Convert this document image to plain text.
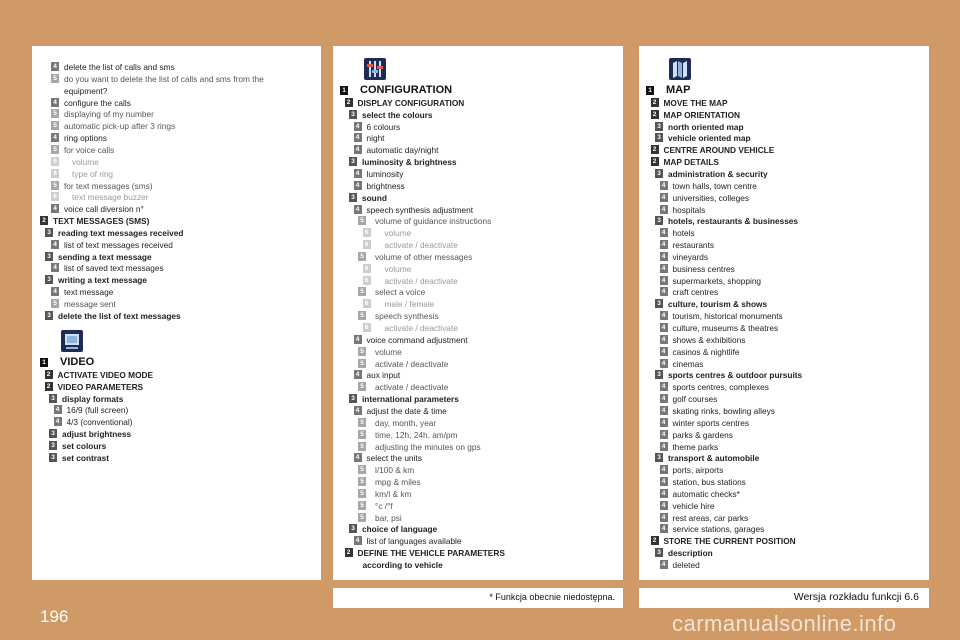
4 delete the list of calls and sms
5 do you want to delete the list of calls and sms from the
equipment?
4 configure the calls
5 displaying of my number
5 automatic pick-up after 3 rings
4 ring options
5 for voice calls
6 volume
6 type of ring
5 for text messages (sms)
6 text message buzzer
4 voice call diversion n°
2 TEXT MESSAGES (SMS)
3 reading text messages received
4 list of text messages received
3 sending a text message
4 list of saved text messages
3 writing a text message
4 text message
5 message sent
3 delete the list of text messages
1 VIDEO
2 ACTIVATE VIDEO MODE
2 VIDEO PARAMETERS
3 display formats
4 16/9 (full screen)
4 4/3 (conventional)
3 adjust brightness
3 set colours
3 set contrast
1 CONFIGURATION
2 DISPLAY CONFIGURATION
3 select the colours
4 6 colours
4 night
4 automatic day/night
3 luminosity & brightness
4 luminosity
4 brightness
3 sound
4 speech synthesis adjustment
5 volume of guidance instructions
6 volume
6 activate / deactivate
5 volume of other messages
6 volume
6 activate / deactivate
5 select a voice
6 male / female
5 speech synthesis
6 activate / deactivate
4 voice command adjustment
5 volume
5 activate / deactivate
4 aux input
5 activate / deactivate
3 international parameters
4 adjust the date & time
5 day, month, year
5 time, 12h, 24h, am/pm
5 adjusting the minutes on gps
4 select the units
5 l/100 & km
5 mpg & miles
5 km/l & km
5 °c /°f
5 bar, psi
3 choice of language
4 list of languages available
2 DEFINE THE VEHICLE PARAMETERS
according to vehicle
1 MAP
2 MOVE THE MAP
2 MAP ORIENTATION
3 north oriented map
3 vehicle oriented map
2 CENTRE AROUND VEHICLE
2 MAP DETAILS
3 administration & security
4 town halls, town centre
4 universities, colleges
4 hospitals
3 hotels, restaurants & businesses
4 hotels
4 restaurants
4 vineyards
4 business centres
4 supermarkets, shopping
4 craft centres
3 culture, tourism & shows
4 tourism, historical monuments
4 culture, museums & theatres
4 shows & exhibitions
4 casinos & nightlife
4 cinemas
3 sports centres & outdoor pursuits
4 sports centres, complexes
4 golf courses
4 skating rinks, bowling alleys
4 winter sports centres
4 parks & gardens
4 theme parks
3 transport & automobile
4 ports, airports
4 station, bus stations
4 automatic checks*
4 vehicle hire
4 rest areas, car parks
4 service stations, garages
2 STORE THE CURRENT POSITION
3 description
4 deleted
* Funkcja obecnie niedostępna.	Wersja rozkładu funkcji 6.6
196	carmanualsonline.info
